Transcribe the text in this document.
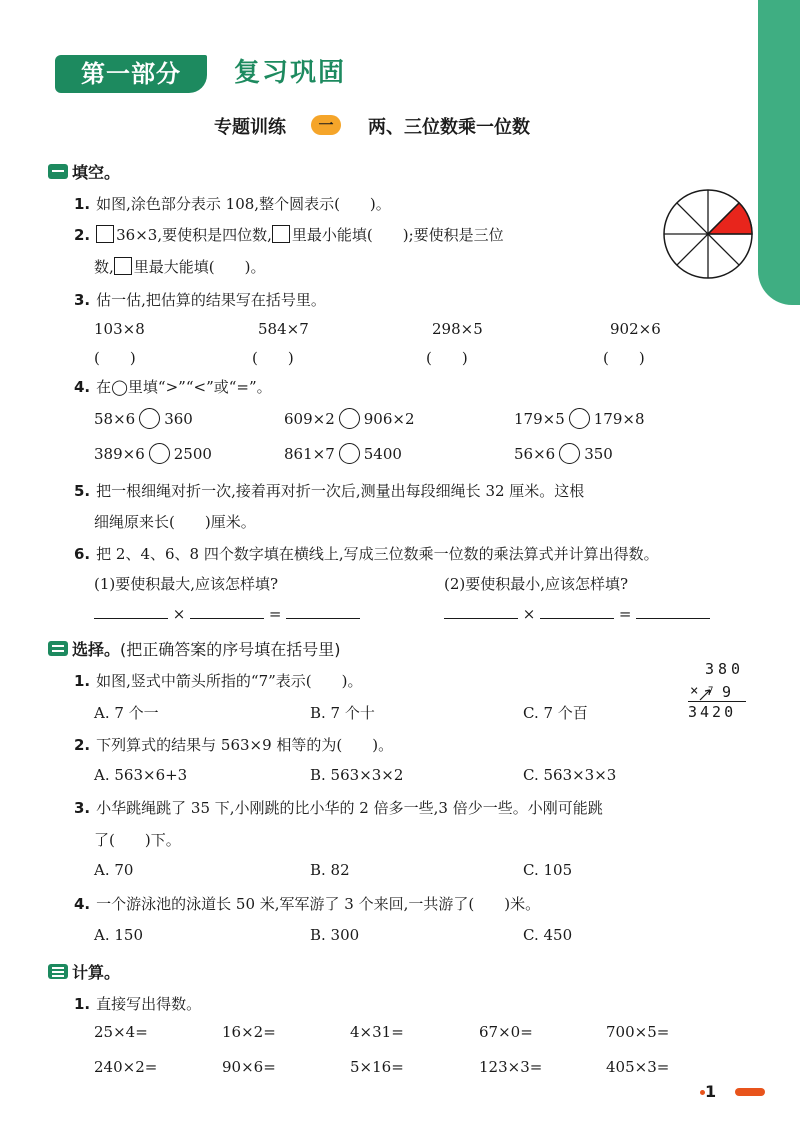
第一部分	复习巩固
专题训练	一	两、三位数乘一位数
填空。
1. 如图,涂色部分表示 108,整个圆表示(　　)。
2. 36×3,要使积是四位数, 里最小能填(　　);要使积是三位
数, 里最大能填(　　)。
3. 估一估,把估算的结果写在括号里。
103×8	584×7	298×5	902×6
(　　)	(　　)	(　　)	(　　)
4. 在◯里填“>”“<”或“=”。
58×6 360	609×2 906×2	179×5 179×8
389×6 2500	861×7 5400	56×6 350
5. 把一根细绳对折一次,接着再对折一次后,测量出每段细绳长 32 厘米。这根
细绳原来长(　　)厘米。
6. 把 2、4、6、8 四个数字填在横线上,写成三位数乘一位数的乘法算式并计算出得数。
(1)要使积最大,应该怎样填?	(2)要使积最小,应该怎样填?
×	=	×	=
选择。 (把正确答案的序号填在括号里)
1. 如图,竖式中箭头所指的“7”表示(　　)。
A. 7 个一	B. 7 个十	C. 7 个百
380
× 7 9
3420
2. 下列算式的结果与 563×9 相等的为(　　)。
A. 563×6+3	B. 563×3×2	C. 563×3×3
3. 小华跳绳跳了 35 下,小刚跳的比小华的 2 倍多一些,3 倍少一些。小刚可能跳
了(　　)下。
A. 70	B. 82	C. 105
4. 一个游泳池的泳道长 50 米,军军游了 3 个来回,一共游了(　　)米。
A. 150	B. 300	C. 450
计算。
1. 直接写出得数。
25×4=	16×2=	4×31=	67×0=	700×5=
240×2=	90×6=	5×16=	123×3=	405×3=
1
